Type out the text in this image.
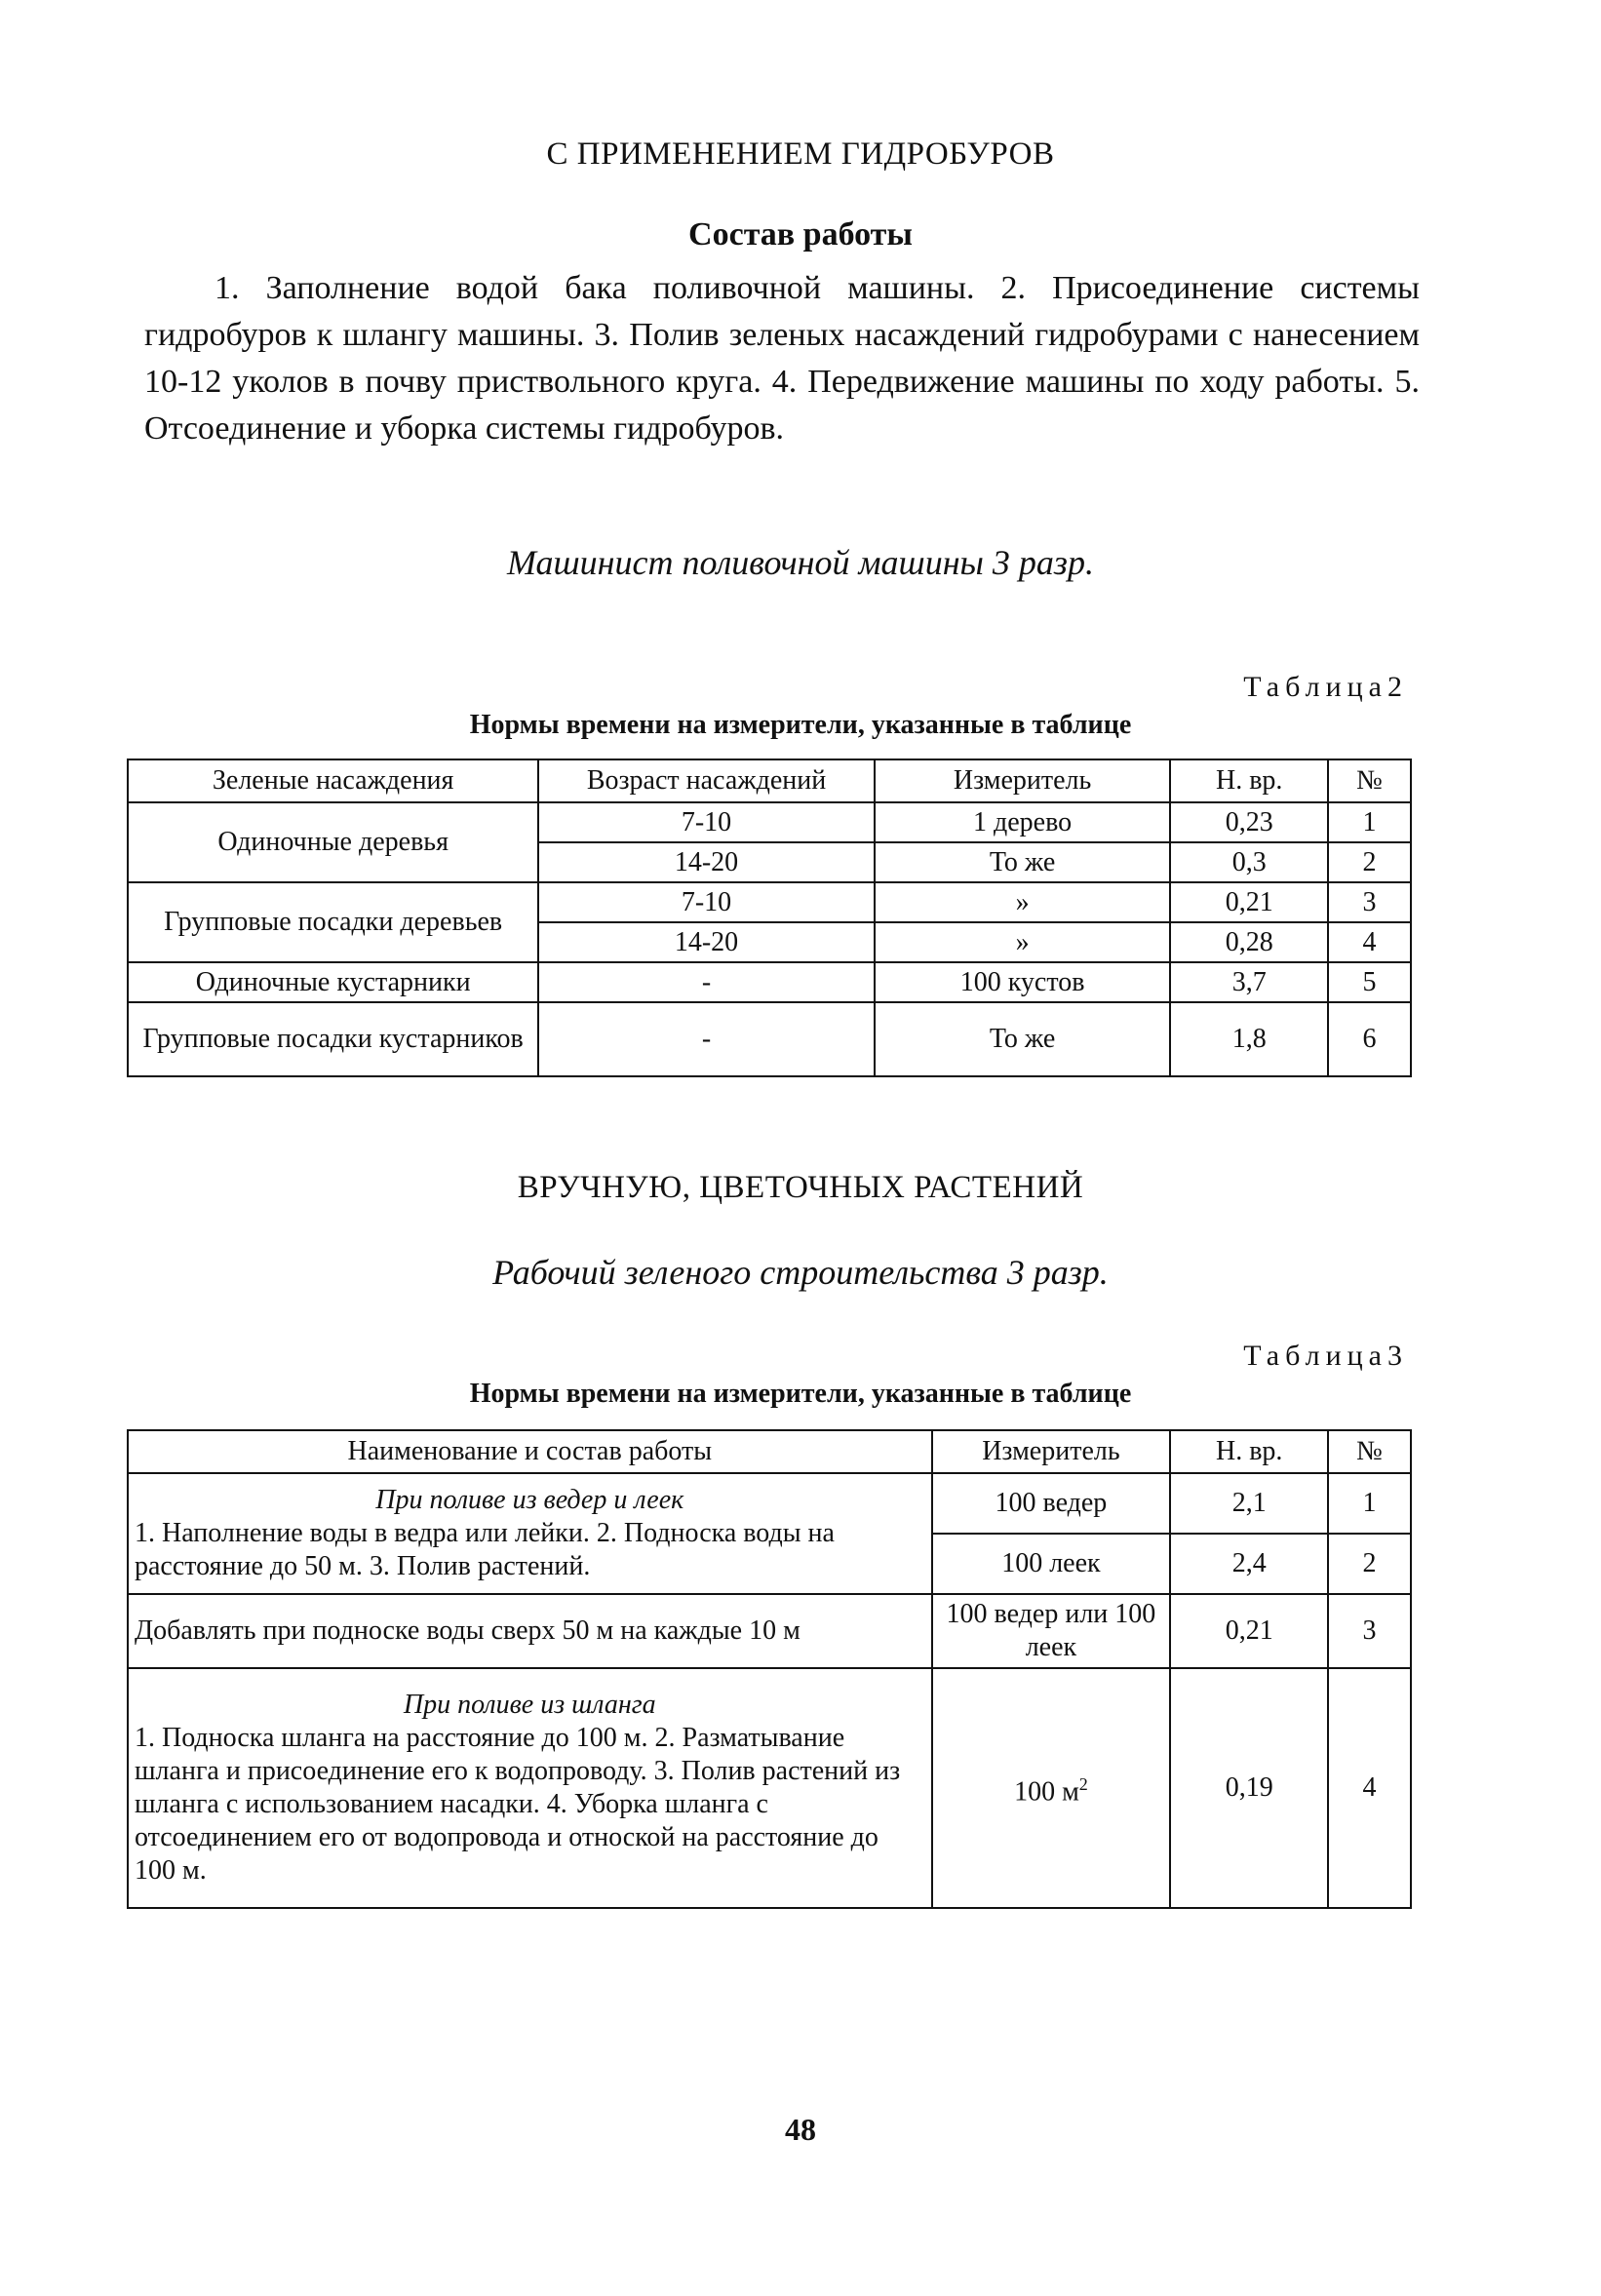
С ПРИМЕНЕНИЕМ ГИДРОБУРОВ
Состав работы

1. Заполнение водой бака поливочной машины. 2. Присоединение системы гидробуров к шлангу машины. 3. Полив зеленых насаждений гидробурами с нанесением 10-12 уколов в почву приствольного круга. 4. Передвижение машины по ходу работы. 5. Отсоединение и уборка системы гидробуров.

Машинист поливочной машины 3 разр.
Таблица2
Нормы времени на измерители, указанные в таблице
Зеленые насаждения	Возраст насаждений	Измеритель	Н. вр.	№
Одиночные деревья	7-10	1 дерево	0,23	1
	14-20	То же	0,3	2
Групповые посадки деревьев	7-10	»	0,21	3
	14-20	»	0,28	4
Одиночные кустарники	-	100 кустов	3,7	5
Групповые посадки кустарников	-	То же	1,8	6
ВРУЧНУЮ, ЦВЕТОЧНЫХ РАСТЕНИЙ
Рабочий зеленого строительства 3 разр.
Таблица3
Нормы времени на измерители, указанные в таблице
Наименование и состав работы	Измеритель	Н. вр.	№

При поливе из ведер и леек
1. Наполнение воды в ведра или лейки. 2. Подноска воды на расстояние до 50 м. 3. Полив растений.	100 ведер	2,1	1
	100 леек	2,4	2
Добавлять при подноске воды сверх 50 м на каждые 10 м	100 ведер или 100 леек	0,21	3

При поливе из шланга
1. Подноска шланга на расстояние до 100 м. 2. Разматывание шланга и присоединение его к водопроводу. 3. Полив растений из шланга с использованием насадки. 4. Уборка шланга с отсоединением его от водопровода и отноской на расстояние до 100 м.	100 $м^2$	0,19	4
48
